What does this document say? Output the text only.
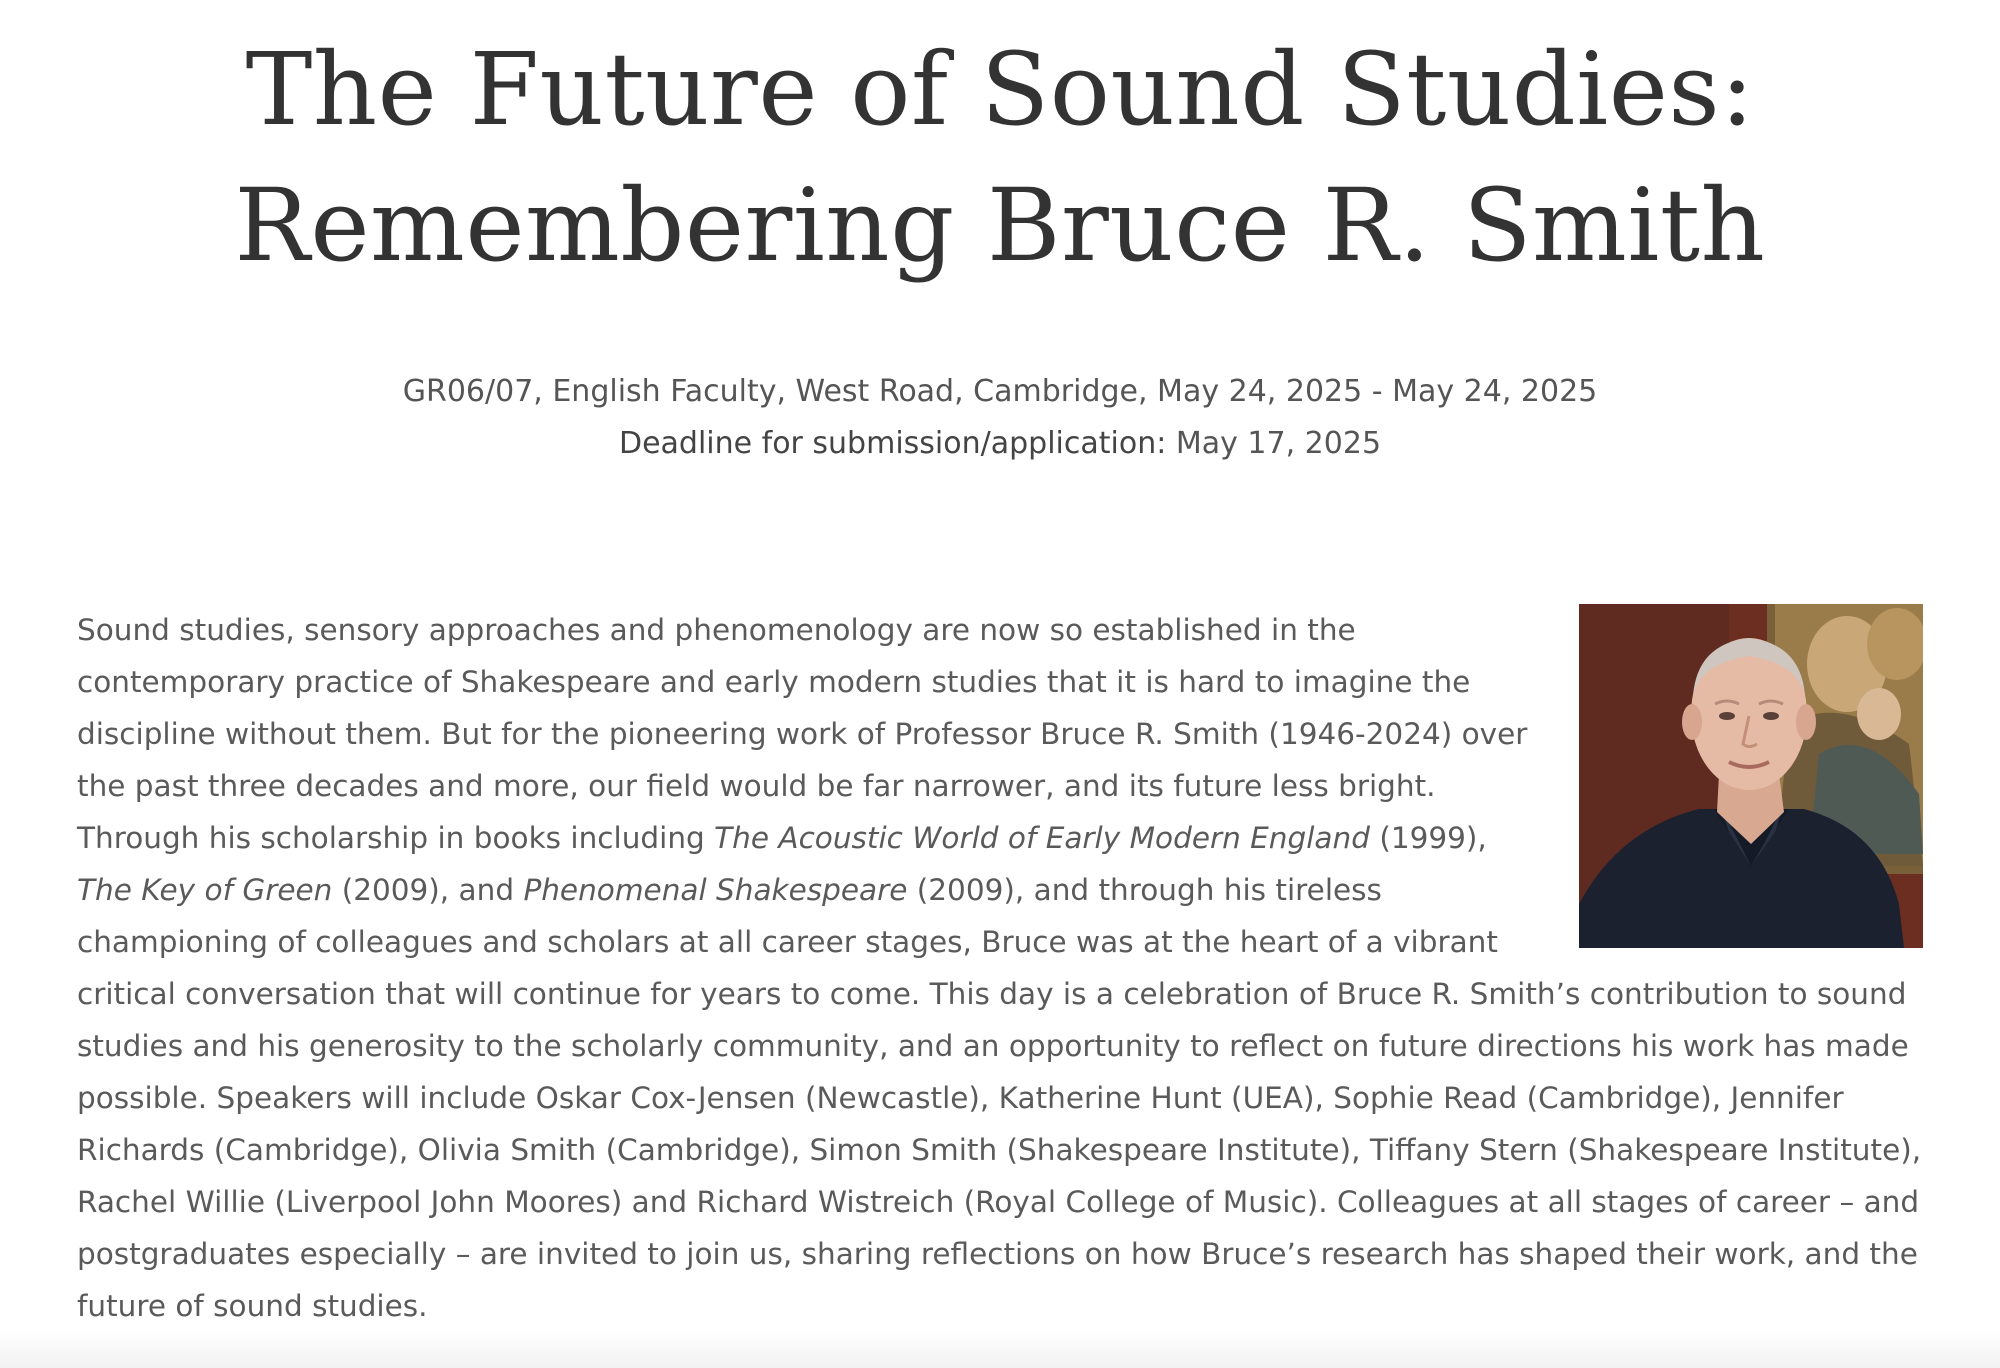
The Future of Sound Studies:
Remembering Bruce R. Smith
GR06/07, English Faculty, West Road, Cambridge, May 24, 2025 - May 24, 2025
Deadline for submission/application: May 17, 2025

Sound studies, sensory approaches and phenomenology are now so established in the contemporary practice of Shakespeare and early modern studies that it is hard to imagine the discipline without them. But for the pioneering work of Professor Bruce R. Smith (1946-2024) over the past three decades and more, our field would be far narrower, and its future less bright. Through his scholarship in books including The Acoustic World of Early Modern England (1999), The Key of Green (2009), and Phenomenal Shakespeare (2009), and through his tireless championing of colleagues and scholars at all career stages, Bruce was at the heart of a vibrant critical conversation that will continue for years to come. This day is a celebration of Bruce R. Smith’s contribution to sound studies and his generosity to the scholarly community, and an opportunity to reflect on future directions his work has made possible. Speakers will include Oskar Cox-Jensen (Newcastle), Katherine Hunt (UEA), Sophie Read (Cambridge), Jennifer Richards (Cambridge), Olivia Smith (Cambridge), Simon Smith (Shakespeare Institute), Tiffany Stern (Shakespeare Institute), Rachel Willie (Liverpool John Moores) and Richard Wistreich (Royal College of Music). Colleagues at all stages of career – and postgraduates especially – are invited to join us, sharing reflections on how Bruce’s research has shaped their work, and the future of sound studies.
